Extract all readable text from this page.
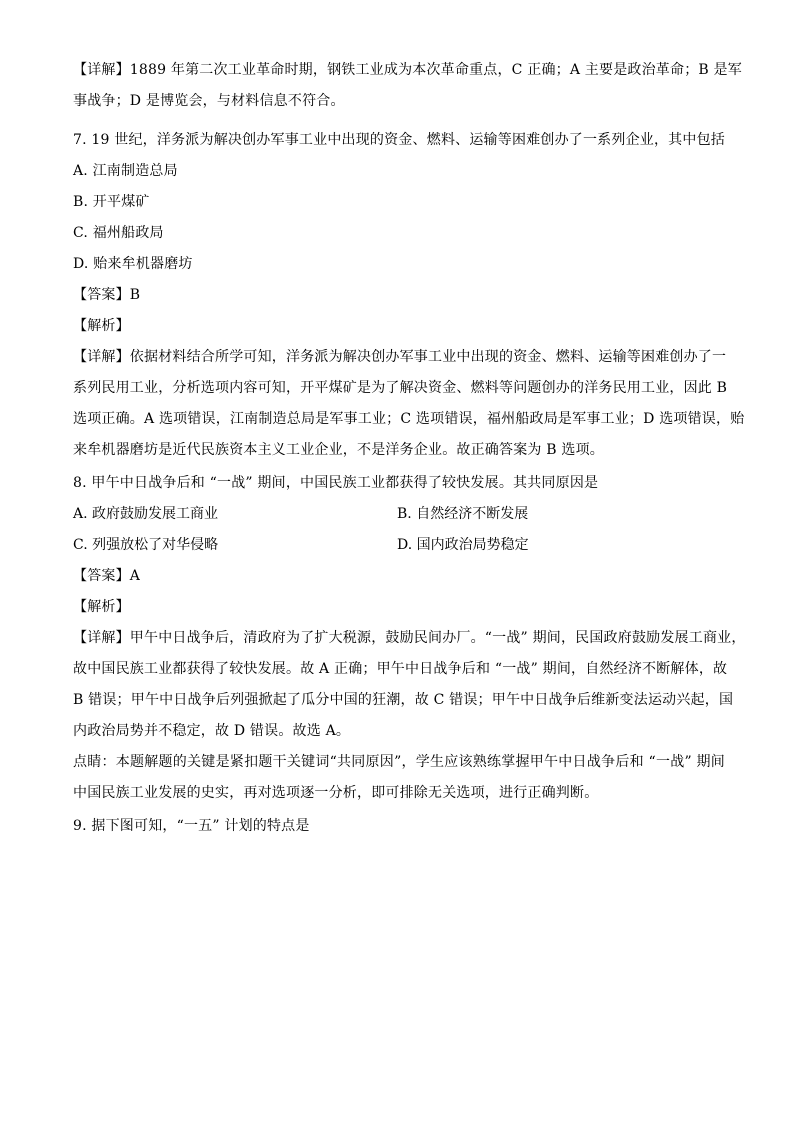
【详解】1889 年第二次工业革命时期，钢铁工业成为本次革命重点，C 正确；A 主要是政治革命；B 是军
事战争；D 是博览会，与材料信息不符合。
7. 19 世纪，洋务派为解决创办军事工业中出现的资金、燃料、运输等困难创办了一系列企业，其中包括
A. 江南制造总局
B. 开平煤矿
C. 福州船政局
D. 贻来牟机器磨坊
【答案】B
【解析】
【详解】依据材料结合所学可知，洋务派为解决创办军事工业中出现的资金、燃料、运输等困难创办了一
系列民用工业，分析选项内容可知，开平煤矿是为了解决资金、燃料等问题创办的洋务民用工业，因此 B
选项正确。A 选项错误，江南制造总局是军事工业；C 选项错误，福州船政局是军事工业；D 选项错误，贻
来牟机器磨坊是近代民族资本主义工业企业，不是洋务企业。故正确答案为 B 选项。
8. 甲午中日战争后和 “一战” 期间，中国民族工业都获得了较快发展。其共同原因是
A. 政府鼓励发展工商业	B. 自然经济不断发展
C. 列强放松了对华侵略	D. 国内政治局势稳定
【答案】A
【解析】
【详解】甲午中日战争后，清政府为了扩大税源，鼓励民间办厂。“一战” 期间，民国政府鼓励发展工商业，
故中国民族工业都获得了较快发展。故 A 正确；甲午中日战争后和 “一战” 期间，自然经济不断解体，故
B 错误；甲午中日战争后列强掀起了瓜分中国的狂潮，故 C 错误；甲午中日战争后维新变法运动兴起，国
内政治局势并不稳定，故 D 错误。故选 A。
点睛：本题解题的关键是紧扣题干关键词“共同原因”，学生应该熟练掌握甲午中日战争后和 “一战” 期间
中国民族工业发展的史实，再对选项逐一分析，即可排除无关选项，进行正确判断。
9. 据下图可知，“一五” 计划的特点是
